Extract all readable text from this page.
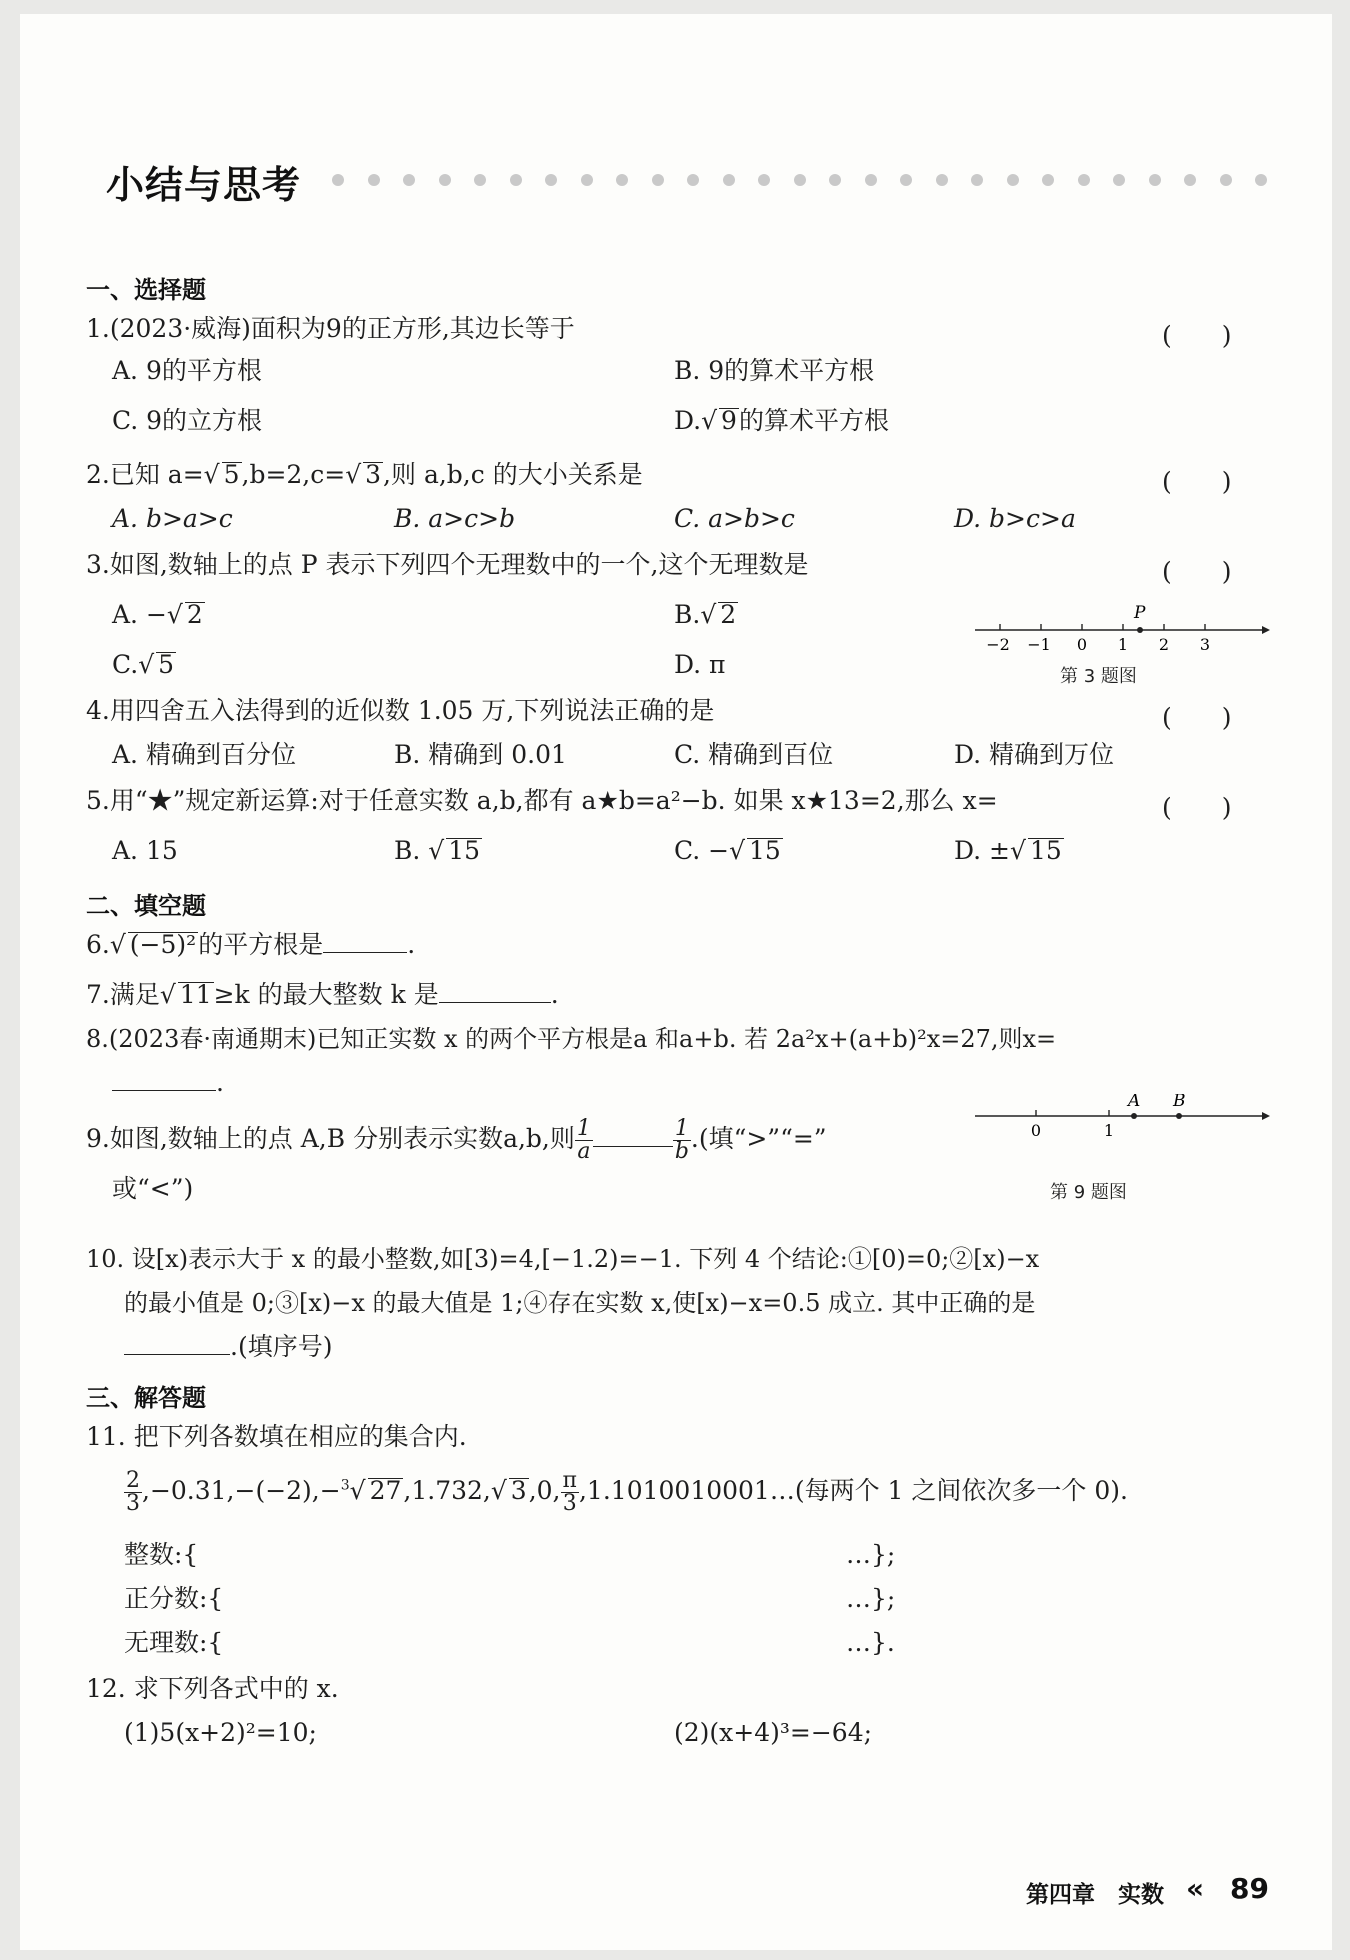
小结与思考
一、选择题
1.(2023·威海)面积为9的正方形,其边长等于	(　　)
A. 9的平方根	B. 9的算术平方根
C. 9的立方根	D.√ 9的算术平方根
2.已知 a=√ 5,b=2,c=√ 3,则 a,b,c 的大小关系是	(　　)
A. b>a>c	B. a>c>b	C. a>b>c	D. b>c>a
3.如图,数轴上的点 P 表示下列四个无理数中的一个,这个无理数是	(　　)
A. −√ 2	B.√ 2
C.√ 5	D. π
P
−2 −1 0 1 2 3
第 3 题图
4.用四舍五入法得到的近似数 1.05 万,下列说法正确的是	(　　)
A. 精确到百分位	B. 精确到 0.01	C. 精确到百位	D. 精确到万位
5.用“★”规定新运算:对于任意实数 a,b,都有 a★b=a²−b. 如果 x★13=2,那么 x=	(　　)
A. 15	B. √ 15	C. −√ 15	D. ±√ 15
二、填空题
6.√ (−5)²的平方根是	.
7.满足√ 11≥k 的最大整数 k 是	.
8.(2023春·南通期末)已知正实数 x 的两个平方根是a 和a+b. 若 2a²x+(a+b)²x=27,则x=
.
9.如图,数轴上的点 A,B 分别表示实数a,b,则 $\frac{1}{a}$	$\frac{1}{b}$ .(填“>”“=”
或“<”)
A B
0	1
第 9 题图
10. 设[x)表示大于 x 的最小整数,如[3)=4,[−1.2)=−1. 下列 4 个结论:①[0)=0;②[x)−x
的最小值是 0;③[x)−x 的最大值是 1;④存在实数 x,使[x)−x=0.5 成立. 其中正确的是
.(填序号)
三、解答题
11. 把下列各数填在相应的集合内.
$\frac{2}{3} ,-0.31,-(-2),-^3√$ 27,1.732,√ 3,0, $\frac{\pi}{3}$ ,1.1010010001…(每两个 1 之间依次多一个 0).
整数:{	…};
正分数:{	…};
无理数:{	…}.
12. 求下列各式中的 x.
(1)5(x+2)²=10;	(2)(x+4)³=−64;
第四章　实数 « 89
